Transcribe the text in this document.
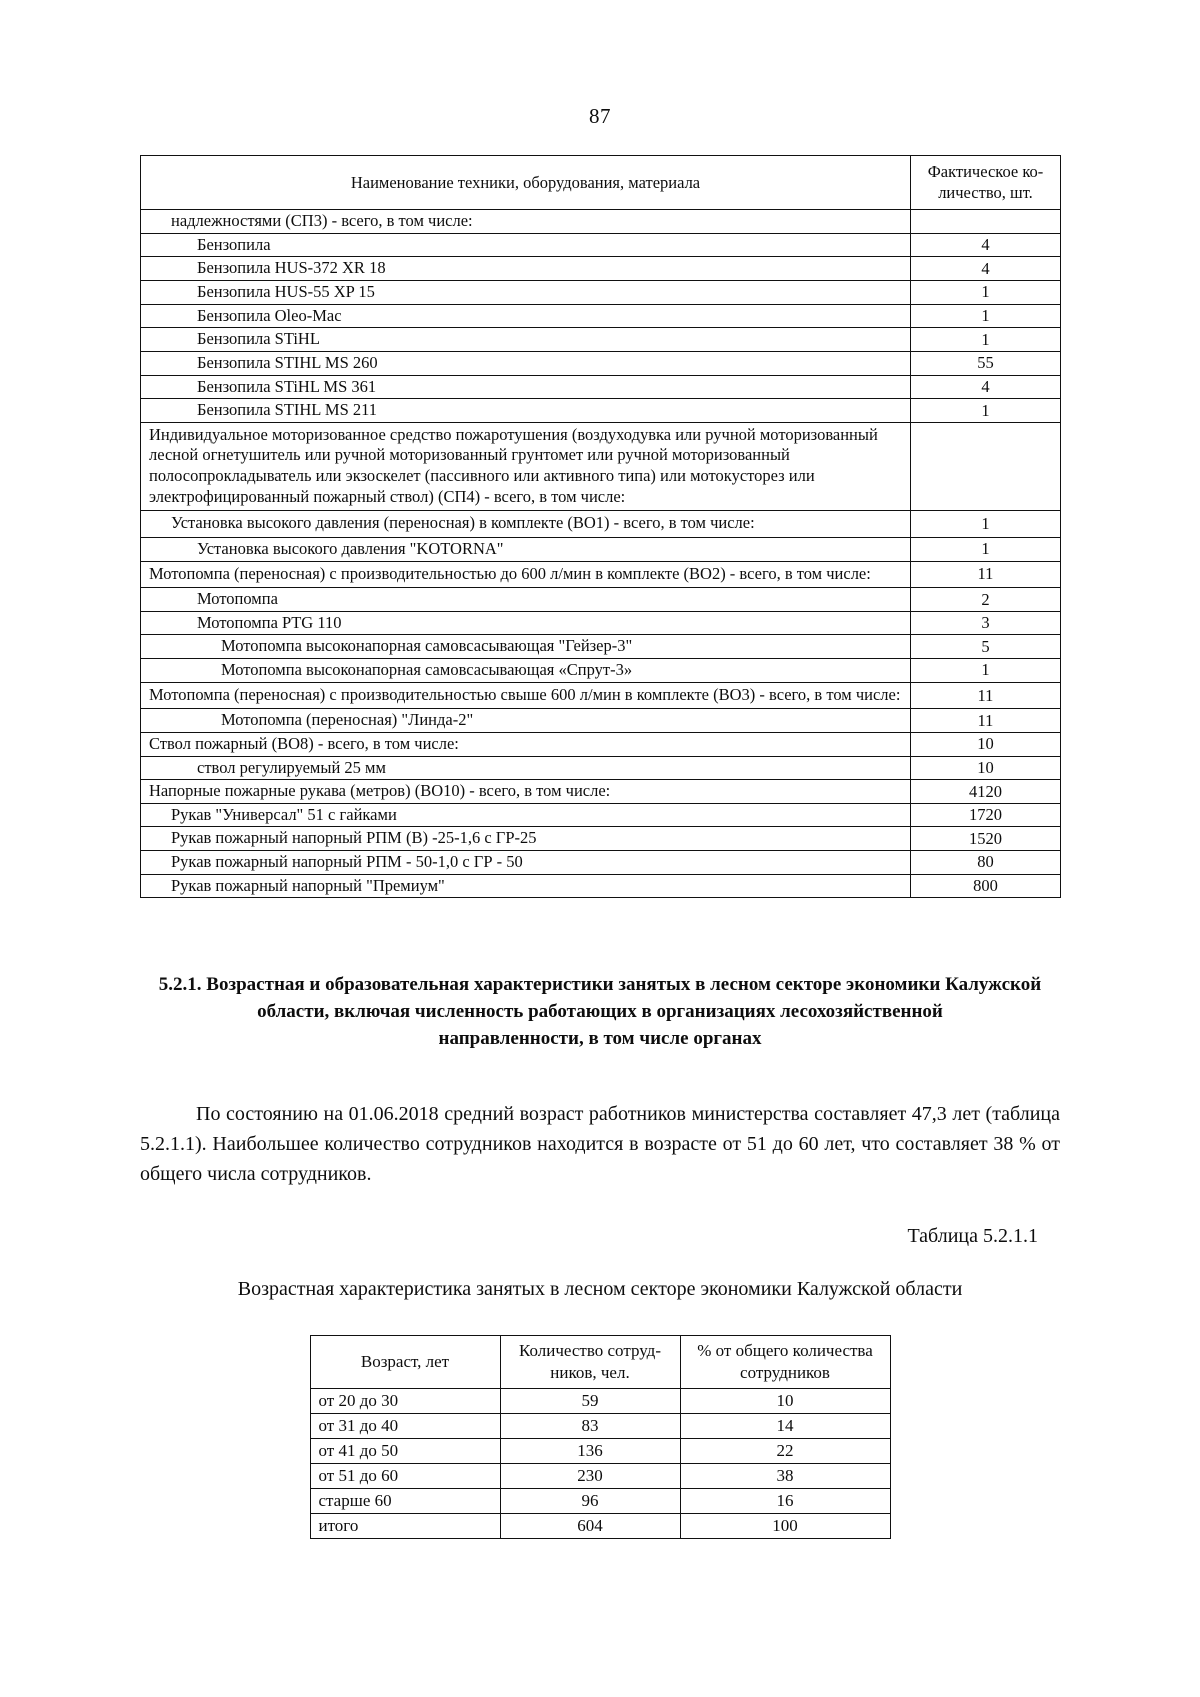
87
Наименование техники, оборудования, материала	Фактическое ко-личество, шт.
надлежностями (СП3) - всего, в том числе:	
Бензопила	4
Бензопила HUS-372 XR 18	4
Бензопила HUS-55 XP 15	1
Бензопила Oleo-Mac	1
Бензопила STiHL	1
Бензопила STIHL MS 260	55
Бензопила STiHL MS 361	4
Бензопила STIHL MS 211	1
Индивидуальное моторизованное средство пожаротушения (воздуходувка или ручной моторизованный лесной огнетушитель или ручной моторизованный грунтомет или ручной моторизованный полосопрокладыватель или экзоскелет (пассивного или активного типа) или мотокусторез или электрофицированный пожарный ствол) (СП4) - всего, в том числе:	
Установка высокого давления (переносная) в комплекте (ВО1) - всего, в том числе:	1
Установка высокого давления "KOTORNA"	1
Мотопомпа (переносная) с производительностью до 600 л/мин в комплекте (ВО2) - всего, в том числе:	11
Мотопомпа	2
Мотопомпа PTG 110	3
Мотопомпа высоконапорная самовсасывающая "Гейзер-3"	5
Мотопомпа высоконапорная самовсасывающая «Спрут-3»	1
Мотопомпа (переносная) с производительностью свыше 600 л/мин в комплекте (ВО3) - всего, в том числе:	11
Мотопомпа (переносная) "Линда-2"	11
Ствол пожарный (ВО8) - всего, в том числе:	10
ствол регулируемый 25 мм	10
Напорные пожарные рукава (метров) (ВО10) - всего, в том числе:	4120
Рукав "Универсал" 51 с гайками	1720
Рукав пожарный напорный РПМ (В) -25-1,6 с ГР-25	1520
Рукав пожарный напорный РПМ - 50-1,0 с ГР - 50	80
Рукав пожарный напорный "Премиум"	800
5.2.1. Возрастная и образовательная характеристики занятых в лесном секторе экономики Калужской
области, включая численность работающих в организациях лесохозяйственной
направленности, в том числе органах
По состоянию на 01.06.2018 средний возраст работников министерства составляет 47,3 лет (таблица 5.2.1.1). Наибольшее количество сотрудников находится в возрасте от 51 до 60 лет, что составляет 38 % от общего числа сотрудников.
Таблица 5.2.1.1
Возрастная характеристика занятых в лесном секторе экономики Калужской области
Возраст, лет	Количество сотруд-ников, чел.	% от общего количества сотрудников
от 20 до 30	59	10
от 31 до 40	83	14
от 41 до 50	136	22
от 51 до 60	230	38
старше 60	96	16
итого	604	100
